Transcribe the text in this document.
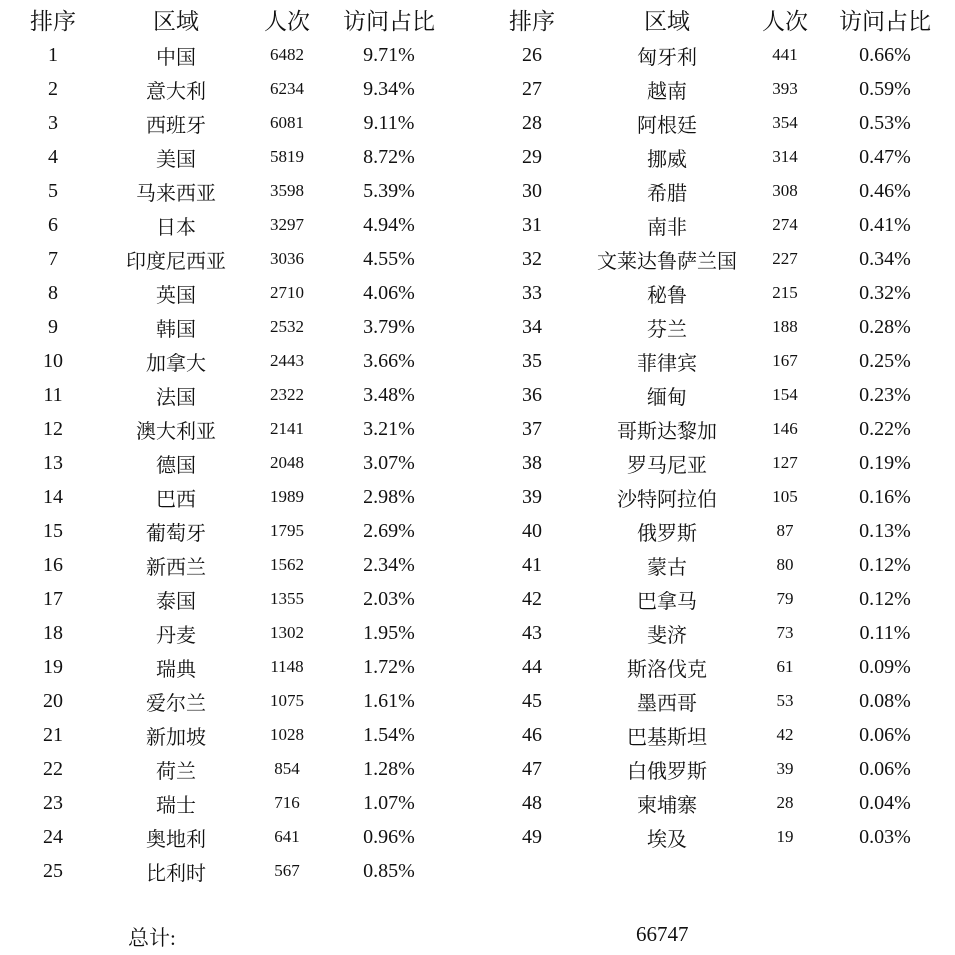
排序	区域	人次	访问占比
1	中国	6482	9.71%
2	意大利	6234	9.34%
3	西班牙	6081	9.11%
4	美国	5819	8.72%
5	马来西亚	3598	5.39%
6	日本	3297	4.94%
7	印度尼西亚	3036	4.55%
8	英国	2710	4.06%
9	韩国	2532	3.79%
10	加拿大	2443	3.66%
11	法国	2322	3.48%
12	澳大利亚	2141	3.21%
13	德国	2048	3.07%
14	巴西	1989	2.98%
15	葡萄牙	1795	2.69%
16	新西兰	1562	2.34%
17	泰国	1355	2.03%
18	丹麦	1302	1.95%
19	瑞典	1148	1.72%
20	爱尔兰	1075	1.61%
21	新加坡	1028	1.54%
22	荷兰	854	1.28%
23	瑞士	716	1.07%
24	奥地利	641	0.96%
25	比利时	567	0.85%
排序	区域	人次	访问占比
26	匈牙利	441	0.66%
27	越南	393	0.59%
28	阿根廷	354	0.53%
29	挪威	314	0.47%
30	希腊	308	0.46%
31	南非	274	0.41%
32	文莱达鲁萨兰国	227	0.34%
33	秘鲁	215	0.32%
34	芬兰	188	0.28%
35	菲律宾	167	0.25%
36	缅甸	154	0.23%
37	哥斯达黎加	146	0.22%
38	罗马尼亚	127	0.19%
39	沙特阿拉伯	105	0.16%
40	俄罗斯	87	0.13%
41	蒙古	80	0.12%
42	巴拿马	79	0.12%
43	斐济	73	0.11%
44	斯洛伐克	61	0.09%
45	墨西哥	53	0.08%
46	巴基斯坦	42	0.06%
47	白俄罗斯	39	0.06%
48	柬埔寨	28	0.04%
49	埃及	19	0.03%
总计:	66747
